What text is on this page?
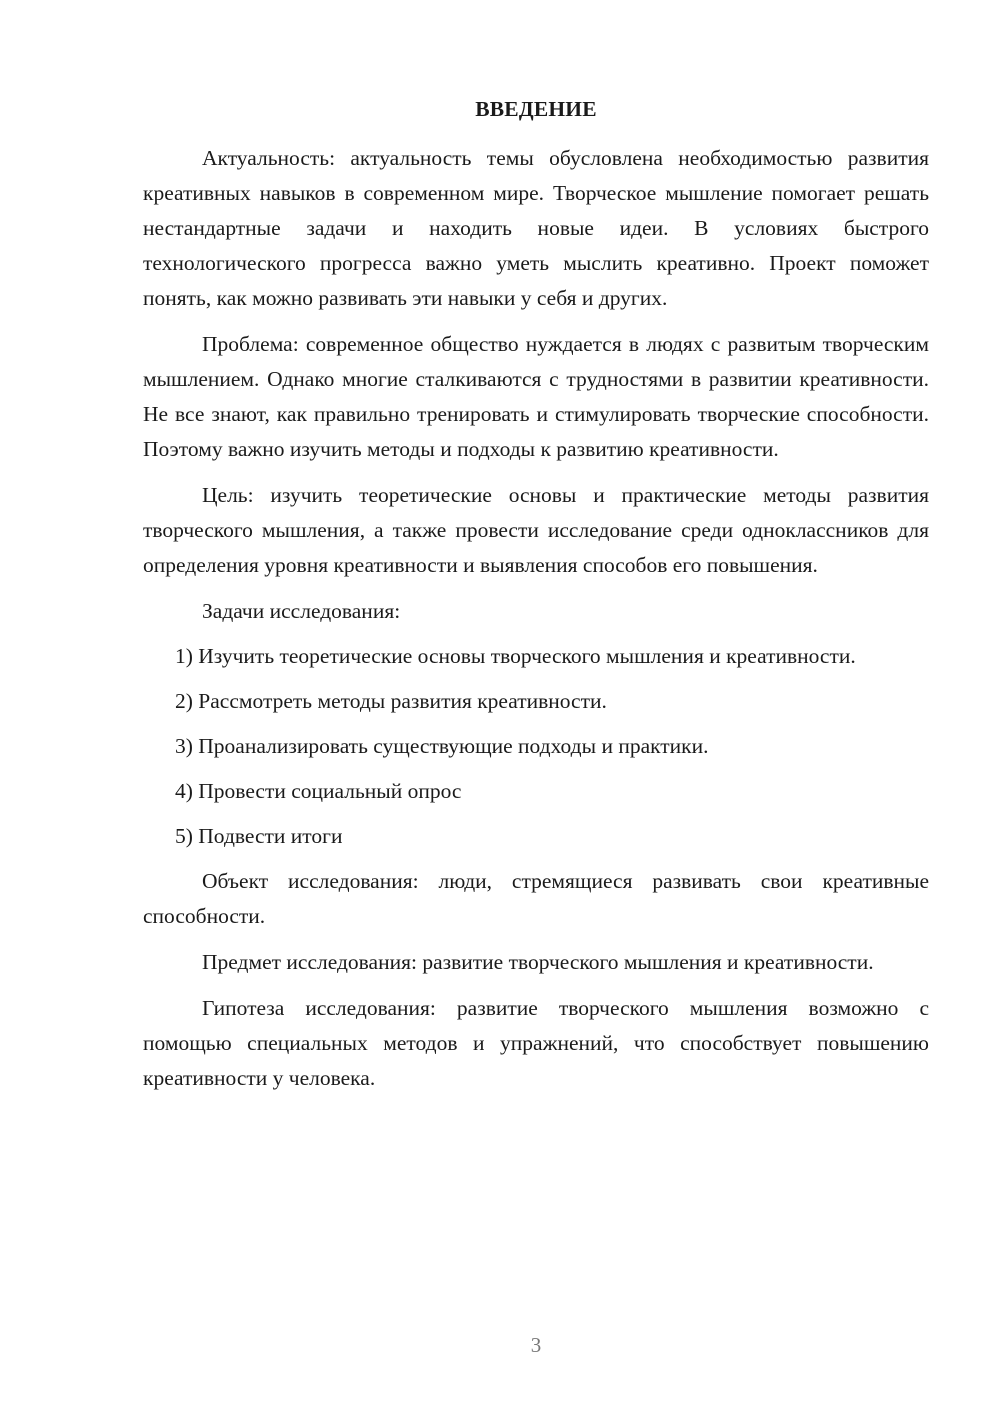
ВВЕДЕНИЕ

Актуальность: актуальность темы обусловлена необходимостью развития креативных навыков в современном мире. Творческое мышление помогает решать нестандартные задачи и находить новые идеи. В условиях быстрого технологического прогресса важно уметь мыслить креативно. Проект поможет понять, как можно развивать эти навыки у себя и других.

Проблема: современное общество нуждается в людях с развитым творческим мышлением. Однако многие сталкиваются с трудностями в развитии креативности. Не все знают, как правильно тренировать и стимулировать творческие способности. Поэтому важно изучить методы и подходы к развитию креативности.

Цель: изучить теоретические основы и практические методы развития творческого мышления, а также провести исследование среди одноклассников для определения уровня креативности и выявления способов его повышения.

Задачи исследования:

1) Изучить теоретические основы творческого мышления и креативности.

2) Рассмотреть методы развития креативности.

3) Проанализировать существующие подходы и практики.

4) Провести социальный опрос

5) Подвести итоги

Объект исследования: люди, стремящиеся развивать свои креативные способности.

Предмет исследования: развитие творческого мышления и креативности.

Гипотеза исследования: развитие творческого мышления возможно с помощью специальных методов и упражнений, что способствует повышению креативности у человека.

3
